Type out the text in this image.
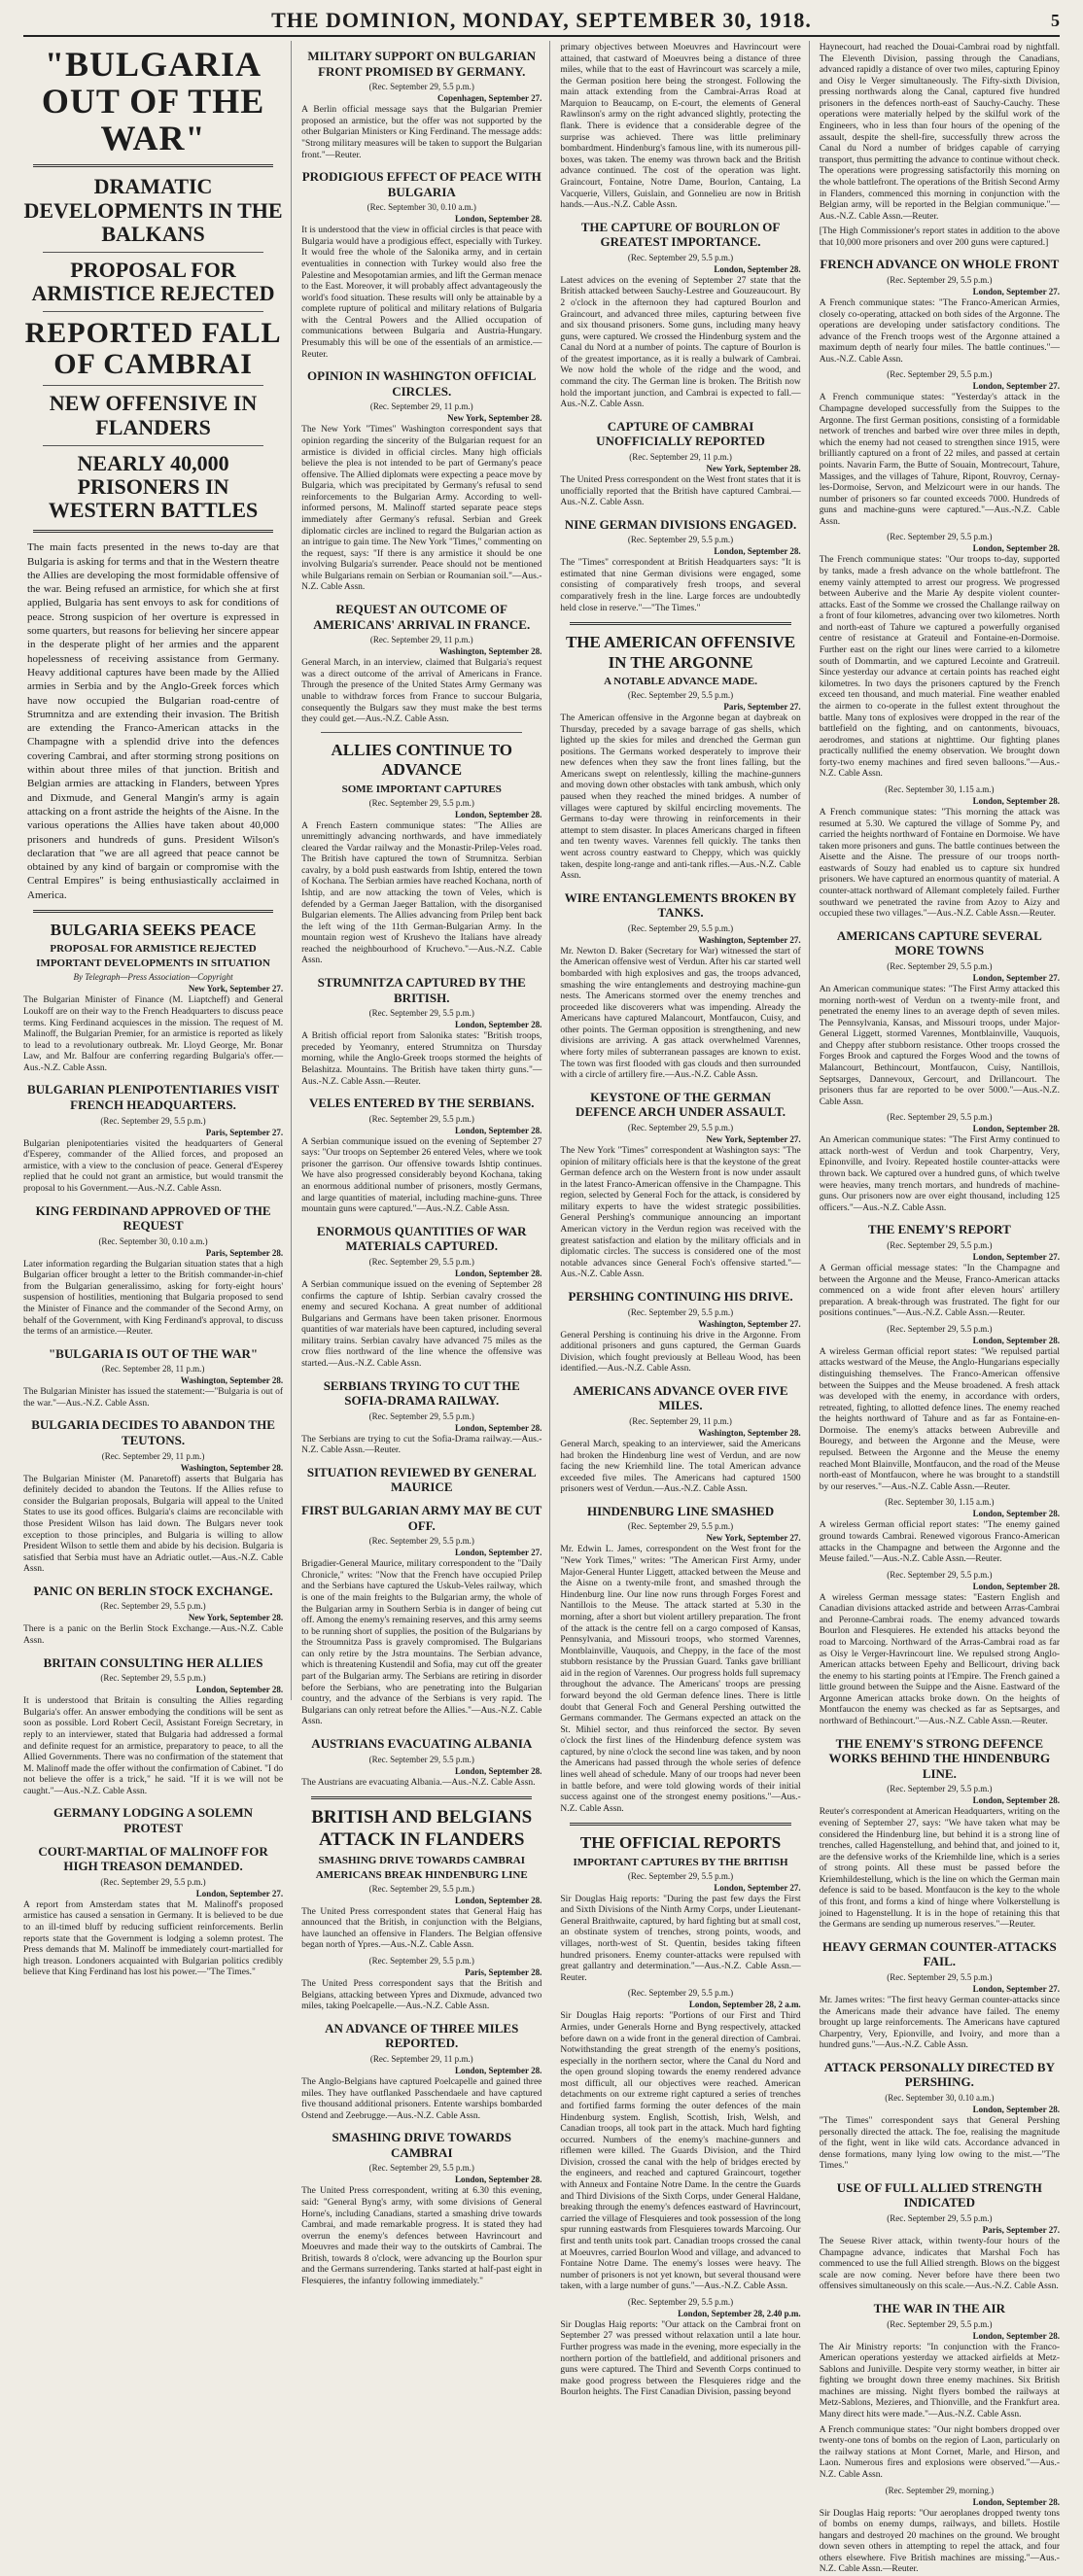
THE DOMINION, MONDAY, SEPTEMBER 30, 1918.	5
"BULGARIA OUT OF THE WAR"
DRAMATIC DEVELOPMENTS IN THE BALKANS
PROPOSAL FOR ARMISTICE REJECTED
REPORTED FALL OF CAMBRAI
NEW OFFENSIVE IN FLANDERS
NEARLY 40,000 PRISONERS IN WESTERN BATTLES

The main facts presented in the news to-day are that Bulgaria is asking for terms and that in the Western theatre the Allies are developing the most formidable offensive of the war. Being refused an armistice, for which she at first applied, Bulgaria has sent envoys to ask for conditions of peace. Strong suspicion of her overture is expressed in some quarters, but reasons for believing her sincere appear in the desperate plight of her armies and the apparent hopelessness of receiving assistance from Germany. Heavy additional captures have been made by the Allied armies in Serbia and by the Anglo-Greek forces which have now occupied the Bulgarian road-centre of Strumnitza and are extending their invasion. The British are extending the Franco-American attacks in the Champagne with a splendid drive into the defences covering Cambrai, and after storming strong positions on within about three miles of that junction. British and Belgian armies are attacking in Flanders, between Ypres and Dixmude, and General Mangin's army is again attacking on a front astride the heights of the Aisne. In the various operations the Allies have taken about 40,000 prisoners and hundreds of guns. President Wilson's declaration that "we are all agreed that peace cannot be obtained by any kind of bargain or compromise with the Central Empires" is being enthusiastically acclaimed in America.

BULGARIA SEEKS PEACE
PROPOSAL FOR ARMISTICE REJECTED
IMPORTANT DEVELOPMENTS IN SITUATION
By Telegraph—Press Association—Copyright
New York, September 27.

The Bulgarian Minister of Finance (M. Liaptcheff) and General Loukoff are on their way to the French Headquarters to discuss peace terms. King Ferdinand acquiesces in the mission. The request of M. Malinoff, the Bulgarian Premier, for an armistice is reported as likely to lead to a revolutionary outbreak. Mr. Lloyd George, Mr. Bonar Law, and Mr. Balfour are conferring regarding Bulgaria's offer.—Aus.-N.Z. Cable Assn.

BULGARIAN PLENIPOTENTIARIES VISIT FRENCH HEADQUARTERS.
(Rec. September 29, 5.5 p.m.)
Paris, September 27.

Bulgarian plenipotentiaries visited the headquarters of General d'Esperey, commander of the Allied forces, and proposed an armistice, with a view to the conclusion of peace. General d'Esperey replied that he could not grant an armistice, but would transmit the proposal to his Government.—Aus.-N.Z. Cable Assn.

KING FERDINAND APPROVED OF THE REQUEST
(Rec. September 30, 0.10 a.m.)
Paris, September 28.

Later information regarding the Bulgarian situation states that a high Bulgarian officer brought a letter to the British commander-in-chief from the Bulgarian generalissimo, asking for forty-eight hours' suspension of hostilities, mentioning that Bulgaria proposed to send the Minister of Finance and the commander of the Second Army, on behalf of the Government, with King Ferdinand's approval, to discuss the terms of an armistice.—Reuter.

"BULGARIA IS OUT OF THE WAR"
(Rec. September 28, 11 p.m.)
Washington, September 28.

The Bulgarian Minister has issued the statement:—"Bulgaria is out of the war."—Aus.-N.Z. Cable Assn.

BULGARIA DECIDES TO ABANDON THE TEUTONS.
(Rec. September 29, 11 p.m.)
Washington, September 28.

The Bulgarian Minister (M. Panaretoff) asserts that Bulgaria has definitely decided to abandon the Teutons. If the Allies refuse to consider the Bulgarian proposals, Bulgaria will appeal to the United States to use its good offices. Bulgaria's claims are reconcilable with those President Wilson has laid down. The Bulgars never took exception to those principles, and Bulgaria is willing to allow President Wilson to settle them and abide by his decision. Bulgaria is satisfied that Serbia must have an Adriatic outlet.—Aus.-N.Z. Cable Assn.

PANIC ON BERLIN STOCK EXCHANGE.
(Rec. September 29, 5.5 p.m.)
New York, September 28.

There is a panic on the Berlin Stock Exchange.—Aus.-N.Z. Cable Assn.

BRITAIN CONSULTING HER ALLIES
(Rec. September 29, 5.5 p.m.)
London, September 28.

It is understood that Britain is consulting the Allies regarding Bulgaria's offer. An answer embodying the conditions will be sent as soon as possible. Lord Robert Cecil, Assistant Foreign Secretary, in reply to an interviewer, stated that Bulgaria had addressed a formal and definite request for an armistice, preparatory to peace, to all the Allied Governments. There was no confirmation of the statement that M. Malinoff made the offer without the confirmation of Cabinet. "I do not believe the offer is a trick," he said. "If it is we will not be caught."—Aus.-N.Z. Cable Assn.

GERMANY LODGING A SOLEMN PROTEST
COURT-MARTIAL OF MALINOFF FOR HIGH TREASON DEMANDED.
(Rec. September 29, 5.5 p.m.)
London, September 27.

A report from Amsterdam states that M. Malinoff's proposed armistice has caused a sensation in Germany. It is believed to be due to an ill-timed bluff by reducing sufficient reinforcements. Berlin reports state that the Government is lodging a solemn protest. The Press demands that M. Malinoff be immediately court-martialled for high treason. Londoners acquainted with Bulgarian politics credibly believe that King Ferdinand has lost his power.—"The Times."

MILITARY SUPPORT ON BULGARIAN FRONT PROMISED BY GERMANY.
(Rec. September 29, 5.5 p.m.)
Copenhagen, September 27.

A Berlin official message says that the Bulgarian Premier proposed an armistice, but the offer was not supported by the other Bulgarian Ministers or King Ferdinand. The message adds: "Strong military measures will be taken to support the Bulgarian front."—Reuter.

PRODIGIOUS EFFECT OF PEACE WITH BULGARIA
(Rec. September 30, 0.10 a.m.)
London, September 28.

It is understood that the view in official circles is that peace with Bulgaria would have a prodigious effect, especially with Turkey. It would free the whole of the Salonika army, and in certain eventualities in connection with Turkey would also free the Palestine and Mesopotamian armies, and lift the German menace to the East. Moreover, it will probably affect advantageously the world's food situation. These results will only be attainable by a complete rupture of political and military relations of Bulgaria with the Central Powers and the Allied occupation of communications between Bulgaria and Austria-Hungary. Presumably this will be one of the essentials of an armistice.—Reuter.

OPINION IN WASHINGTON OFFICIAL CIRCLES.
(Rec. September 29, 11 p.m.)
New York, September 28.

The New York "Times" Washington correspondent says that opinion regarding the sincerity of the Bulgarian request for an armistice is divided in official circles. Many high officials believe the plea is not intended to be part of Germany's peace offensive. The Allied diplomats were expecting a peace move by Bulgaria, which was precipitated by Germany's refusal to send reinforcements to the Bulgarian Army. According to well-informed persons, M. Malinoff started separate peace steps immediately after Germany's refusal. Serbian and Greek diplomatic circles are inclined to regard the Bulgarian action as an intrigue to gain time. The New York "Times," commenting on the request, says: "If there is any armistice it should be one involving Bulgaria's surrender. Peace should not be mentioned while Bulgarians remain on Serbian or Roumanian soil."—Aus.-N.Z. Cable Assn.

REQUEST AN OUTCOME OF AMERICANS' ARRIVAL IN FRANCE.
(Rec. September 29, 11 p.m.)
Washington, September 28.

General March, in an interview, claimed that Bulgaria's request was a direct outcome of the arrival of Americans in France. Through the presence of the United States Army Germany was unable to withdraw forces from France to succour Bulgaria, consequently the Bulgars saw they must make the best terms they could get.—Aus.-N.Z. Cable Assn.

ALLIES CONTINUE TO ADVANCE
SOME IMPORTANT CAPTURES
(Rec. September 29, 5.5 p.m.)
London, September 28.

A French Eastern communique states: "The Allies are unremittingly advancing northwards, and have immediately cleared the Vardar railway and the Monastir-Prilep-Veles road. The British have captured the town of Strumnitza. Serbian cavalry, by a bold push eastwards from Ishtip, entered the town of Kochana. The Serbian armies have reached Kochana, north of Ishtip, and are now attacking the town of Veles, which is defended by a German Jaeger Battalion, with the disorganised Bulgarian elements. The Allies advancing from Prilep bent back the left wing of the 11th German-Bulgarian Army. In the mountain region west of Krushevo the Italians have already reached the neighbourhood of Kruchevo."—Aus.-N.Z. Cable Assn.

STRUMNITZA CAPTURED BY THE BRITISH.
(Rec. September 29, 5.5 p.m.)
London, September 28.

A British official report from Salonika states: "British troops, preceded by Yeomanry, entered Strumnitza on Thursday morning, while the Anglo-Greek troops stormed the heights of Belashitza. Mountains. The British have taken thirty guns."—Aus.-N.Z. Cable Assn.—Reuter.

VELES ENTERED BY THE SERBIANS.
(Rec. September 29, 5.5 p.m.)
London, September 28.

A Serbian communique issued on the evening of September 27 says: "Our troops on September 26 entered Veles, where we took prisoner the garrison. Our offensive towards Ishtip continues. We have also progressed considerably beyond Kochana, taking an enormous additional number of prisoners, mostly Germans, and large quantities of material, including machine-guns. Three mountain guns were captured."—Aus.-N.Z. Cable Assn.

ENORMOUS QUANTITIES OF WAR MATERIALS CAPTURED.
(Rec. September 29, 5.5 p.m.)
London, September 28.

A Serbian communique issued on the evening of September 28 confirms the capture of Ishtip. Serbian cavalry crossed the enemy and secured Kochana. A great number of additional Bulgarians and Germans have been taken prisoner. Enormous quantities of war materials have been captured, including several military trains. Serbian cavalry have advanced 75 miles as the crow flies northward of the line whence the offensive was started.—Aus.-N.Z. Cable Assn.

SERBIANS TRYING TO CUT THE SOFIA-DRAMA RAILWAY.
(Rec. September 29, 5.5 p.m.)
London, September 28.

The Serbians are trying to cut the Sofia-Drama railway.—Aus.-N.Z. Cable Assn.—Reuter.

SITUATION REVIEWED BY GENERAL MAURICE
FIRST BULGARIAN ARMY MAY BE CUT OFF.
(Rec. September 29, 5.5 p.m.)
London, September 27.

Brigadier-General Maurice, military correspondent to the "Daily Chronicle," writes: "Now that the French have occupied Prilep and the Serbians have captured the Uskub-Veles railway, which is one of the main freights to the Bulgarian army, the whole of the Bulgarian army in Southern Serbia is in danger of being cut off. Among the enemy's remaining reserves, and this army seems to be running short of supplies, the position of the Bulgarians by the Stroumnitza Pass is gravely compromised. The Bulgarians can only retire by the Jstra mountains. The Serbian advance, which is threatening Kustendil and Sofia, may cut off the greater part of the Bulgarian army. The Serbians are retiring in disorder before the Serbians, who are penetrating into the Bulgarian country, and the advance of the Serbians is very rapid. The Bulgarians can only retreat before the Allies."—Aus.-N.Z. Cable Assn.

AUSTRIANS EVACUATING ALBANIA
(Rec. September 29, 5.5 p.m.)
London, September 28.

The Austrians are evacuating Albania.—Aus.-N.Z. Cable Assn.

BRITISH AND BELGIANS ATTACK IN FLANDERS
SMASHING DRIVE TOWARDS CAMBRAI
AMERICANS BREAK HINDENBURG LINE
(Rec. September 29, 5.5 p.m.)
London, September 28.

The United Press correspondent states that General Haig has announced that the British, in conjunction with the Belgians, have launched an offensive in Flanders. The Belgian offensive began north of Ypres.—Aus.-N.Z. Cable Assn.

(Rec. September 29, 5.5 p.m.)
Paris, September 28.

The United Press correspondent says that the British and Belgians, attacking between Ypres and Dixmude, advanced two miles, taking Poelcapelle.—Aus.-N.Z. Cable Assn.

AN ADVANCE OF THREE MILES REPORTED.
(Rec. September 29, 11 p.m.)
London, September 28.

The Anglo-Belgians have captured Poelcapelle and gained three miles. They have outflanked Passchendaele and have captured five thousand additional prisoners. Entente warships bombarded Ostend and Zeebrugge.—Aus.-N.Z. Cable Assn.

SMASHING DRIVE TOWARDS CAMBRAI
(Rec. September 29, 5.5 p.m.)
London, September 28.

The United Press correspondent, writing at 6.30 this evening, said: "General Byng's army, with some divisions of General Horne's, including Canadians, started a smashing drive towards Cambrai, and made remarkable progress. It is stated they had overrun the enemy's defences between Havrincourt and Moeuvres and made their way to the outskirts of Cambrai. The British, towards 8 o'clock, were advancing up the Bourlon spur and the Germans surrendering. Tanks started at half-past eight in Flesquieres, the infantry following immediately."

primary objectives between Moeuvres and Havrincourt were attained, that castward of Moeuvres being a distance of three miles, while that to the east of Havrincourt was scarcely a mile, the German position here being the strongest. Following the main attack extending from the Cambrai-Arras Road at Marquion to Beaucamp, on E-court, the elements of General Rawlinson's army on the right advanced slightly, protecting the flank. There is evidence that a considerable degree of the surprise was achieved. There was little preliminary bombardment. Hindenburg's famous line, with its numerous pill-boxes, was taken. The enemy was thrown back and the British advance continued. The cost of the operation was light. Graincourt, Fontaine, Notre Dame, Bourlon, Cantaing, La Vacquerie, Villers, Guislain, and Gonnelieu are now in British hands.—Aus.-N.Z. Cable Assn.

THE CAPTURE OF BOURLON OF GREATEST IMPORTANCE.
(Rec. September 29, 5.5 p.m.)
London, September 28.

Latest advices on the evening of September 27 state that the British attacked between Sauchy-Lestree and Gouzeaucourt. By 2 o'clock in the afternoon they had captured Bourlon and Graincourt, and advanced three miles, capturing between five and six thousand prisoners. Some guns, including many heavy guns, were captured. We crossed the Hindenburg system and the Canal du Nord at a number of points. The capture of Bourlon is of the greatest importance, as it is really a bulwark of Cambrai. We now hold the whole of the ridge and the wood, and command the city. The German line is broken. The British now hold the important junction, and Cambrai is expected to fall.—Aus.-N.Z. Cable Assn.

CAPTURE OF CAMBRAI UNOFFICIALLY REPORTED
(Rec. September 29, 11 p.m.)
New York, September 28.

The United Press correspondent on the West front states that it is unofficially reported that the British have captured Cambrai.—Aus.-N.Z. Cable Assn.

NINE GERMAN DIVISIONS ENGAGED.
(Rec. September 29, 5.5 p.m.)
London, September 28.

The "Times" correspondent at British Headquarters says: "It is estimated that nine German divisions were engaged, some consisting of comparatively fresh troops, and several comparatively fresh in the line. Large forces are undoubtedly held close in reserve."—"The Times."

THE AMERICAN OFFENSIVE IN THE ARGONNE
A NOTABLE ADVANCE MADE.
(Rec. September 29, 5.5 p.m.)
Paris, September 27.

The American offensive in the Argonne began at daybreak on Thursday, preceded by a savage barrage of gas shells, which lighted up the skies for miles and drenched the German gun positions. The Germans worked desperately to improve their new defences when they saw the front lines falling, but the Americans swept on relentlessly, killing the machine-gunners and moving down other obstacles with tank ambush, which only paused when they reached the mined bridges. A number of villages were captured by skilful encircling movements. The Germans to-day were throwing in reinforcements in their attempt to stem disaster. In places Americans charged in fifteen and ten twenty waves. Varennes fell quickly. The tanks then went across country eastward to Cheppy, which was quickly taken, despite long-range and anti-tank rifles.—Aus.-N.Z. Cable Assn.

WIRE ENTANGLEMENTS BROKEN BY TANKS.
(Rec. September 29, 5.5 p.m.)
Washington, September 27.

Mr. Newton D. Baker (Secretary for War) witnessed the start of the American offensive west of Verdun. After his car started well bombarded with high explosives and gas, the troops advanced, smashing the wire entanglements and destroying machine-gun nests. The Americans stormed over the enemy trenches and proceeded like discoverers what was impending. Already the Americans have captured Malancourt, Montfaucon, Cuisy, and other points. The German opposition is strengthening, and new divisions are arriving. A gas attack overwhelmed Varennes, where forty miles of subterranean passages are known to exist. The town was first flooded with gas clouds and then surrounded with a circle of artillery fire.—Aus.-N.Z. Cable Assn.

KEYSTONE OF THE GERMAN DEFENCE ARCH UNDER ASSAULT.
(Rec. September 29, 5.5 p.m.)
New York, September 27.

The New York "Times" correspondent at Washington says: "The opinion of military officials here is that the keystone of the great German defence arch on the Western front is now under assault in the latest Franco-American offensive in the Champagne. This region, selected by General Foch for the attack, is considered by military experts to have the widest strategic possibilities. General Pershing's communique announcing an important American victory in the Verdun region was received with the greatest satisfaction and elation by the military officials and in diplomatic circles. The success is considered one of the most notable advances since General Foch's offensive started."—Aus.-N.Z. Cable Assn.

PERSHING CONTINUING HIS DRIVE.
(Rec. September 29, 5.5 p.m.)
Washington, September 27.

General Pershing is continuing his drive in the Argonne. From additional prisoners and guns captured, the German Guards Division, which fought previously at Belleau Wood, has been identified.—Aus.-N.Z. Cable Assn.

AMERICANS ADVANCE OVER FIVE MILES.
(Rec. September 29, 11 p.m.)
Washington, September 28.

General March, speaking to an interviewer, said the Americans had broken the Hindenburg line west of Verdun, and are now facing the new Kriemhild line. The total American advance exceeded five miles. The Americans had captured 1500 prisoners west of Verdun.—Aus.-N.Z. Cable Assn.

HINDENBURG LINE SMASHED
(Rec. September 29, 5.5 p.m.)
New York, September 27.

Mr. Edwin L. James, correspondent on the West front for the "New York Times," writes: "The American First Army, under Major-General Hunter Liggett, attacked between the Meuse and the Aisne on a twenty-mile front, and smashed through the Hindenburg line. Our line now runs through Forges Forest and Nantillois to the Meuse. The attack started at 5.30 in the morning, after a short but violent artillery preparation. The front of the attack is the centre fell on a cargo composed of Kansas, Pennsylvania, and Missouri troops, who stormed Varennes, Montblainville, Vauquois, and Cheppy, in the face of the most stubborn resistance by the Prussian Guard. Tanks gave brilliant aid in the region of Varennes. Our progress holds full supremacy throughout the advance. The Americans' troops are pressing forward beyond the old German defence lines. There is little doubt that General Foch and General Pershing outwitted the Germans commander. The Germans expected an attack on the St. Mihiel sector, and thus reinforced the sector. By seven o'clock the first lines of the Hindenburg defence system was captured, by nine o'clock the second line was taken, and by noon the Americans had passed through the whole series of defence lines well ahead of schedule. Many of our troops had never been in battle before, and were told glowing words of their initial success against one of the strongest enemy positions."—Aus.-N.Z. Cable Assn.

THE OFFICIAL REPORTS
IMPORTANT CAPTURES BY THE BRITISH
(Rec. September 29, 5.5 p.m.)
London, September 27.

Sir Douglas Haig reports: "During the past few days the First and Sixth Divisions of the Ninth Army Corps, under Lieutenant-General Braithwaite, captured, by hard fighting but at small cost, an obstinate system of trenches, strong points, woods, and villages, north-west of St. Quentin, besides taking fifteen hundred prisoners. Enemy counter-attacks were repulsed with great gallantry and determination."—Aus.-N.Z. Cable Assn.—Reuter.

(Rec. September 29, 5.5 p.m.)
London, September 28, 2 a.m.

Sir Douglas Haig reports: "Portions of our First and Third Armies, under Generals Horne and Byng respectively, attacked before dawn on a wide front in the general direction of Cambrai. Notwithstanding the great strength of the enemy's positions, especially in the northern sector, where the Canal du Nord and the open ground sloping towards the enemy rendered advance most difficult, all our objectives were reached. American detachments on our extreme right captured a series of trenches and fortified farms forming the outer defences of the main Hindenburg system. English, Scottish, Irish, Welsh, and Canadian troops, all took part in the attack. Much hard fighting occurred. Numbers of the enemy's machine-gunners and riflemen were killed. The Guards Division, and the Third Division, crossed the canal with the help of bridges erected by the engineers, and reached and captured Graincourt, together with Anneux and Fontaine Notre Dame. In the centre the Guards and Third Divisions of the Sixth Corps, under General Haldane, breaking through the enemy's defences eastward of Havrincourt, carried the village of Flesquieres and took possession of the long spur running eastwards from Flesquieres towards Marcoing. Our first and tenth units took part. Canadian troops crossed the canal at Moeuvres, carried Bourlon Wood and village, and advanced to Fontaine Notre Dame. The enemy's losses were heavy. The number of prisoners is not yet known, but several thousand were taken, with a large number of guns."—Aus.-N.Z. Cable Assn.

(Rec. September 29, 5.5 p.m.)
London, September 28, 2.40 p.m.

Sir Douglas Haig reports: "Our attack on the Cambrai front on September 27 was pressed without relaxation until a late hour. Further progress was made in the evening, more especially in the northern portion of the battlefield, and additional prisoners and guns were captured. The Third and Seventh Corps continued to make good progress between the Flesquieres ridge and the Bourlon heights. The First Canadian Division, passing beyond

Haynecourt, had reached the Douai-Cambrai road by nightfall. The Eleventh Division, passing through the Canadians, advanced rapidly a distance of over two miles, capturing Epinoy and Oisy le Verger simultaneously. The Fifty-sixth Division, pressing northwards along the Canal, captured five hundred prisoners in the defences north-east of Sauchy-Cauchy. These operations were materially helped by the skilful work of the Engineers, who in less than four hours of the opening of the assault, despite the shell-fire, successfully threw across the Canal du Nord a number of bridges capable of carrying transport, thus permitting the advance to continue without check. The operations were progressing satisfactorily this morning on the whole battlefront. The operations of the British Second Army in Flanders, commenced this morning in conjunction with the Belgian army, will be reported in the Belgian communique."—Aus.-N.Z. Cable Assn.—Reuter.

[The High Commissioner's report states in addition to the above that 10,000 more prisoners and over 200 guns were captured.]

FRENCH ADVANCE ON WHOLE FRONT
(Rec. September 29, 5.5 p.m.)
London, September 27.

A French communique states: "The Franco-American Armies, closely co-operating, attacked on both sides of the Argonne. The operations are developing under satisfactory conditions. The advance of the French troops west of the Argonne attained a maximum depth of nearly four miles. The battle continues."—Aus.-N.Z. Cable Assn.

(Rec. September 29, 5.5 p.m.)
London, September 27.

A French communique states: "Yesterday's attack in the Champagne developed successfully from the Suippes to the Argonne. The first German positions, consisting of a formidable network of trenches and barbed wire over three miles in depth, which the enemy had not ceased to strengthen since 1915, were brilliantly captured on a front of 22 miles, and passed at certain points. Navarin Farm, the Butte of Souain, Montrecourt, Tahure, Massiges, and the villages of Tahure, Ripont, Rouvroy, Cernay-les-Dormoise, Servon, and Melzicourt were in our hands. The number of prisoners so far counted exceeds 7000. Hundreds of guns and machine-guns were captured."—Aus.-N.Z. Cable Assn.

(Rec. September 29, 5.5 p.m.)
London, September 28.

The French communique states: "Our troops to-day, supported by tanks, made a fresh advance on the whole battlefront. The enemy vainly attempted to arrest our progress. We progressed between Auberive and the Marie Ay despite violent counter-attacks. East of the Somme we crossed the Challange railway on a front of four kilometres, advancing over two kilometres. North and north-east of Tahure we captured a powerfully organised centre of resistance at Grateuil and Fontaine-en-Dormoise. Further east on the right our lines were carried to a kilometre south of Dommartin, and we captured Lecointe and Gratreuil. Since yesterday our advance at certain points has reached eight kilometres. In two days the prisoners captured by the French exceed ten thousand, and much material. Fine weather enabled the airmen to co-operate in the fullest extent throughout the battle. Many tons of explosives were dropped in the rear of the battlefield on the fighting, and on cantonments, bivouacs, aerodromes, and stations at nighttime. Our fighting planes practically nullified the enemy observation. We brought down forty-two enemy machines and fired seven balloons."—Aus.-N.Z. Cable Assn.

(Rec. September 30, 1.15 a.m.)
London, September 28.

A French communique states: "This morning the attack was resumed at 5.30. We captured the village of Somme Py, and carried the heights northward of Fontaine en Dormoise. We have taken more prisoners and guns. The battle continues between the Aisette and the Aisne. The pressure of our troops north-eastwards of Souzy had enabled us to capture six hundred prisoners. We have captured an enormous quantity of material. A counter-attack northward of Allemant completely failed. Further southward we penetrated the ravine from Azoy to Aizy and occupied these two villages."—Aus.-N.Z. Cable Assn.—Reuter.

AMERICANS CAPTURE SEVERAL MORE TOWNS
(Rec. September 29, 5.5 p.m.)
London, September 27.

An American communique states: "The First Army attacked this morning north-west of Verdun on a twenty-mile front, and penetrated the enemy lines to an average depth of seven miles. The Pennsylvania, Kansas, and Missouri troops, under Major-General Liggett, stormed Varennes, Montblainville, Vauquois, and Cheppy after stubborn resistance. Other troops crossed the Forges Brook and captured the Forges Wood and the towns of Malancourt, Bethincourt, Montfaucon, Cuisy, Nantillois, Septsarges, Dannevoux, Gercourt, and Drillancourt. The prisoners thus far are reported to be over 5000."—Aus.-N.Z. Cable Assn.

(Rec. September 29, 5.5 p.m.)
London, September 28.

An American communique states: "The First Army continued to attack north-west of Verdun and took Charpentry, Very, Epinonville, and Ivoiry. Repeated hostile counter-attacks were thrown back. We captured over a hundred guns, of which twelve were heavies, many trench mortars, and hundreds of machine-guns. Our prisoners now are over eight thousand, including 125 officers."—Aus.-N.Z. Cable Assn.

THE ENEMY'S REPORT
(Rec. September 29, 5.5 p.m.)
London, September 27.

A German official message states: "In the Champagne and between the Argonne and the Meuse, Franco-American attacks commenced on a wide front after eleven hours' artillery preparation. A break-through was frustrated. The fight for our positions continues."—Aus.-N.Z. Cable Assn.—Reuter.

(Rec. September 29, 5.5 p.m.)
London, September 28.

A wireless German official report states: "We repulsed partial attacks westward of the Meuse, the Anglo-Hungarians especially distinguishing themselves. The Franco-American offensive between the Suippes and the Meuse broadened. A fresh attack was developed with the enemy, in accordance with orders, retreated, fighting, to allotted defence lines. The enemy reached the heights northward of Tahure and as far as Fontaine-en-Dormoise. The enemy's attacks between Aubreville and Bouregy, and between the Argonne and the Meuse, were repulsed. Between the Argonne and the Meuse the enemy reached Mont Blainville, Montfaucon, and the road of the Meuse north-east of Montfaucon, where he was brought to a standstill by our reserves."—Aus.-N.Z. Cable Assn.—Reuter.

(Rec. September 30, 1.15 a.m.)
London, September 28.

A wireless German official report states: "The enemy gained ground towards Cambrai. Renewed vigorous Franco-American attacks in the Champagne and between the Argonne and the Meuse failed."—Aus.-N.Z. Cable Assn.—Reuter.

(Rec. September 29, 5.5 p.m.)
London, September 28.

A wireless German message states: "Eastern English and Canadian divisions attacked astride and between Arras-Cambrai and Peronne-Cambrai roads. The enemy advanced towards Bourlon and Flesquieres. He extended his attacks beyond the road to Marcoing. Northward of the Arras-Cambrai road as far as Oisy le Verger-Havrincourt line. We repulsed strong Anglo-American attacks between Epehy and Bellicourt, driving back the enemy to his starting points at l'Empire. The French gained a little ground between the Suippe and the Aisne. Eastward of the Argonne American attacks broke down. On the heights of Montfaucon the enemy was checked as far as Septsarges, and northward of Bethincourt."—Aus.-N.Z. Cable Assn.—Reuter.

THE ENEMY'S STRONG DEFENCE WORKS BEHIND THE HINDENBURG LINE.
(Rec. September 29, 5.5 p.m.)
London, September 28.

Reuter's correspondent at American Headquarters, writing on the evening of September 27, says: "We have taken what may be considered the Hindenburg line, but behind it is a strong line of trenches, called Hagenstellung, and behind that, and joined to it, are the defensive works of the Kriemhilde line, which is a series of strong points. All these must be passed before the Kriemhildestellung, which is the line on which the German main defence is said to be based. Montfaucon is the key to the whole of this front, and forms a kind of hinge where Volkerstellung is joined to Hagenstellung. It is in the hope of retaining this that the Germans are sending up numerous reserves."—Reuter.

HEAVY GERMAN COUNTER-ATTACKS FAIL.
(Rec. September 29, 5.5 p.m.)
London, September 27.

Mr. James writes: "The first heavy German counter-attacks since the Americans made their advance have failed. The enemy brought up large reinforcements. The Americans have captured Charpentry, Very, Epionville, and Ivoiry, and more than a hundred guns."—Aus.-N.Z. Cable Assn.

ATTACK PERSONALLY DIRECTED BY PERSHING.
(Rec. September 30, 0.10 a.m.)
London, September 28.

"The Times" correspondent says that General Pershing personally directed the attack. The foe, realising the magnitude of the fight, went in like wild cats. Accordance advanced in dense formations, many lying low owing to the mist.—"The Times."

USE OF FULL ALLIED STRENGTH INDICATED
(Rec. September 29, 5.5 p.m.)
Paris, September 27.

The Seuese River attack, within twenty-four hours of the Champagne advance, indicates that Marshal Foch has commenced to use the full Allied strength. Blows on the biggest scale are now coming. Never before have there been two offensives simultaneously on this scale.—Aus.-N.Z. Cable Assn.

THE WAR IN THE AIR
(Rec. September 29, 5.5 p.m.)
London, September 28.

The Air Ministry reports: "In conjunction with the Franco-American operations yesterday we attacked airfields at Metz-Sablons and Juniville. Despite very stormy weather, in bitter air fighting we brought down three enemy machines. Six British machines are missing. Night flyers bombed the railways at Metz-Sablons, Mezieres, and Thionville, and the Frankfurt area. Many direct hits were made."—Aus.-N.Z. Cable Assn.

A French communique states: "Our night bombers dropped over twenty-one tons of bombs on the region of Laon, particularly on the railway stations at Mont Cornet, Marle, and Hirson, and Laon. Numerous fires and explosions were observed."—Aus.-N.Z. Cable Assn.

(Rec. September 29, morning.)
London, September 28.

Sir Douglas Haig reports: "Our aeroplanes dropped twenty tons of bombs on enemy dumps, railways, and billets. Hostile hangars and destroyed 20 machines on the ground. We brought down seven others in attempting to repel the attack, and four others elsewhere. Five British machines are missing."—Aus.-N.Z. Cable Assn.—Reuter.
